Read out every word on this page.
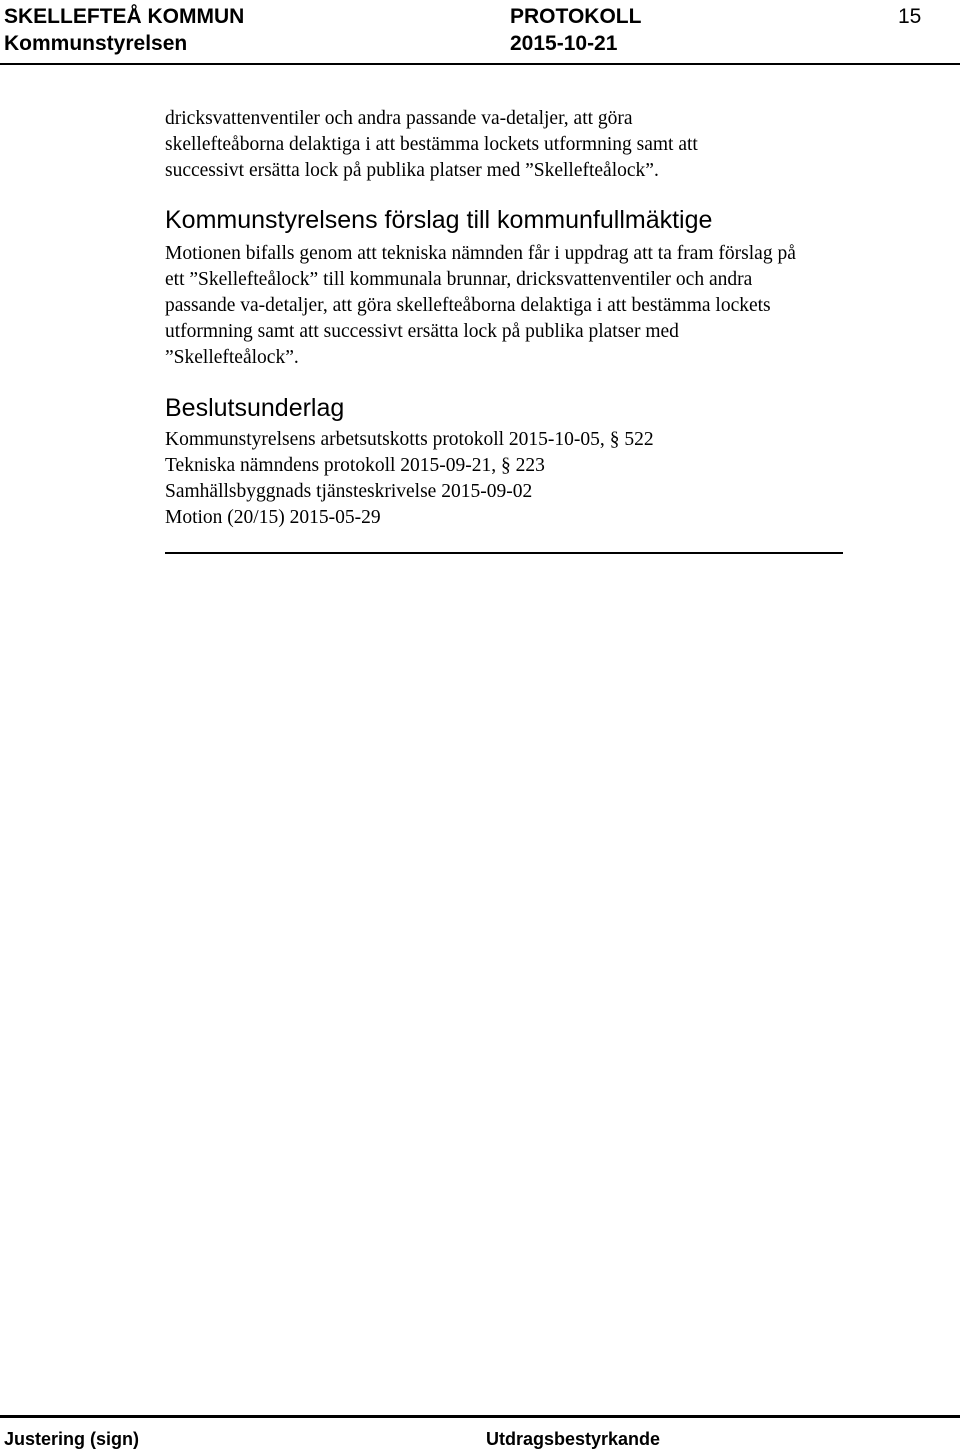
SKELLEFTEÅ KOMMUN	PROTOKOLL	15
Kommunstyrelsen	2015-10-21
dricksvattenventiler och andra passande va-detaljer, att göra
skellefteåborna delaktiga i att bestämma lockets utformning samt att
successivt ersätta lock på publika platser med ”Skellefteålock”.
Kommunstyrelsens förslag till kommunfullmäktige

Motionen bifalls genom att tekniska nämnden får i uppdrag att ta fram förslag på ett ”Skellefteålock” till kommunala brunnar, dricksvattenventiler och andra passande va-detaljer, att göra skellefteåborna delaktiga i att bestämma lockets utformning samt att successivt ersätta lock på publika platser med ”Skellefteålock”.

Beslutsunderlag
Kommunstyrelsens arbetsutskotts protokoll 2015-10-05, § 522
Tekniska nämndens protokoll 2015-09-21, § 223
Samhällsbyggnads tjänsteskrivelse 2015-09-02
Motion (20/15) 2015-05-29
Justering (sign)	Utdragsbestyrkande
